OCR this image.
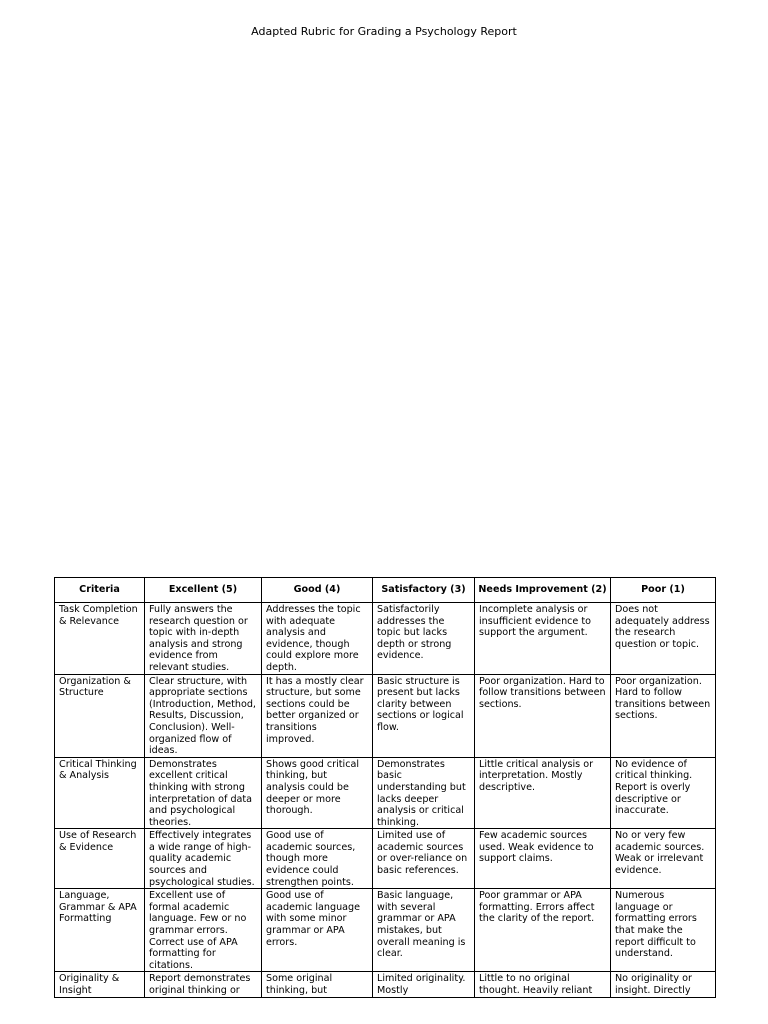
Adapted Rubric for Grading a Psychology Report
Criteria	Excellent (5)	Good (4)	Satisfactory (3)	Needs Improvement (2)	Poor (1)
Task Completion & Relevance	Fully answers the research question or topic with in-depth analysis and strong evidence from relevant studies.	Addresses the topic with adequate analysis and evidence, though could explore more depth.	Satisfactorily addresses the topic but lacks depth or strong evidence.	Incomplete analysis or insufficient evidence to support the argument.	Does not adequately address the research question or topic.
Organization & Structure	Clear structure, with appropriate sections (Introduction, Method, Results, Discussion, Conclusion). Well-organized flow of ideas.	It has a mostly clear structure, but some sections could be better organized or transitions improved.	Basic structure is present but lacks clarity between sections or logical flow.	Poor organization. Hard to follow transitions between sections.	Poor organization. Hard to follow transitions between sections.
Critical Thinking & Analysis	Demonstrates excellent critical thinking with strong interpretation of data and psychological theories.	Shows good critical thinking, but analysis could be deeper or more thorough.	Demonstrates basic understanding but lacks deeper analysis or critical thinking.	Little critical analysis or interpretation. Mostly descriptive.	No evidence of critical thinking. Report is overly descriptive or inaccurate.
Use of Research & Evidence	Effectively integrates a wide range of high-quality academic sources and psychological studies.	Good use of academic sources, though more evidence could strengthen points.	Limited use of academic sources or over-reliance on basic references.	Few academic sources used. Weak evidence to support claims.	No or very few academic sources. Weak or irrelevant evidence.
Language, Grammar & APA Formatting	Excellent use of formal academic language. Few or no grammar errors. Correct use of APA formatting for citations.	Good use of academic language with some minor grammar or APA errors.	Basic language, with several grammar or APA mistakes, but overall meaning is clear.	Poor grammar or APA formatting. Errors affect the clarity of the report.	Numerous language or formatting errors that make the report difficult to understand.
Originality & Insight	Report demonstrates original thinking or	Some original thinking, but	Limited originality. Mostly	Little to no original thought. Heavily reliant	No originality or insight. Directly
